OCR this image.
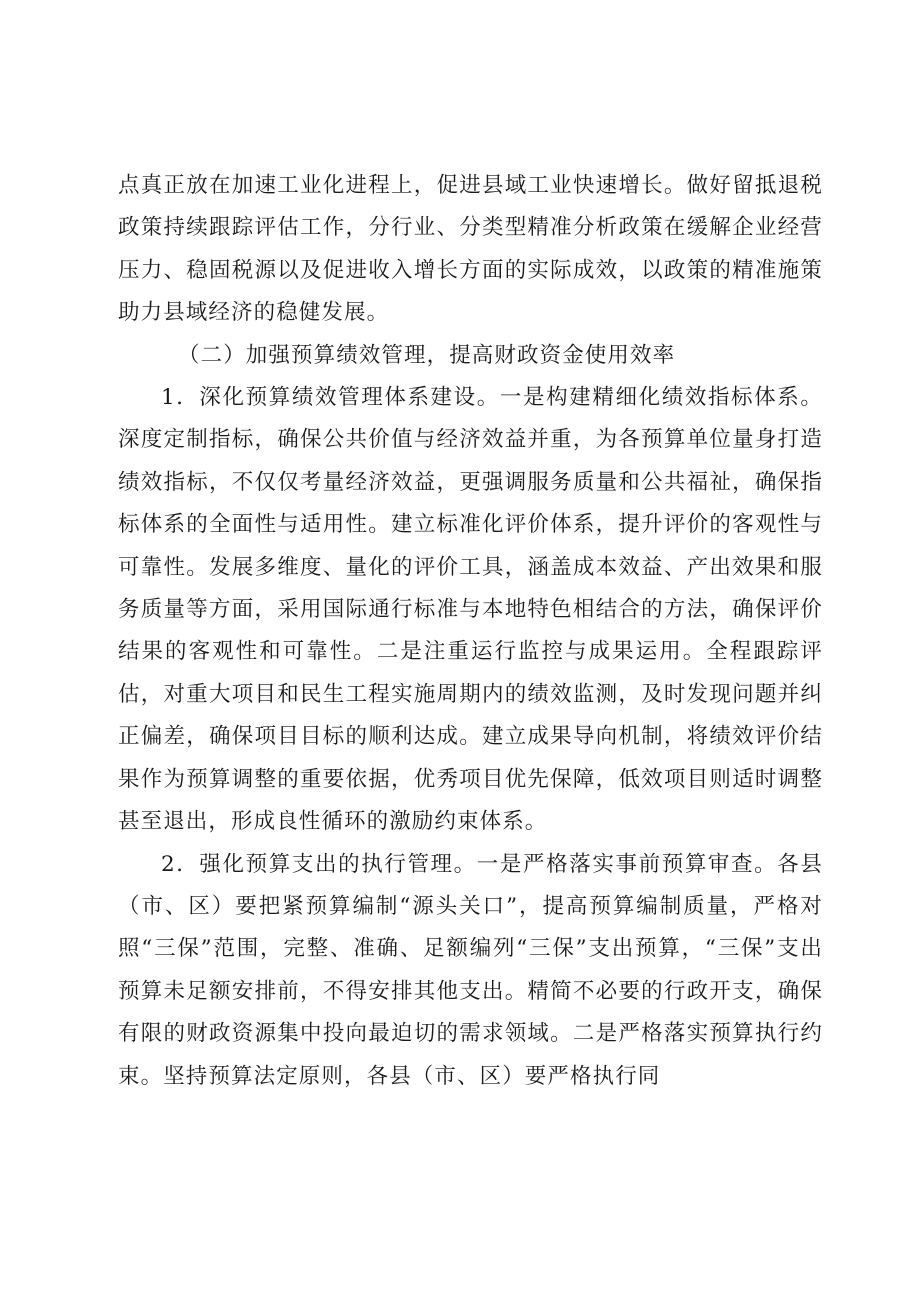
点真正放在加速工业化进程上，促进县域工业快速增长。做好留抵退税政策持续跟踪评估工作，分行业、分类型精准分析政策在缓解企业经营压力、稳固税源以及促进收入增长方面的实际成效，以政策的精准施策助力县域经济的稳健发展。

（二）加强预算绩效管理，提高财政资金使用效率

1．深化预算绩效管理体系建设。一是构建精细化绩效指标体系。深度定制指标，确保公共价值与经济效益并重，为各预算单位量身打造绩效指标，不仅仅考量经济效益，更强调服务质量和公共福祉，确保指标体系的全面性与适用性。建立标准化评价体系，提升评价的客观性与可靠性。发展多维度、量化的评价工具，涵盖成本效益、产出效果和服务质量等方面，采用国际通行标准与本地特色相结合的方法，确保评价结果的客观性和可靠性。二是注重运行监控与成果运用。全程跟踪评估，对重大项目和民生工程实施周期内的绩效监测，及时发现问题并纠正偏差，确保项目目标的顺利达成。建立成果导向机制，将绩效评价结果作为预算调整的重要依据，优秀项目优先保障，低效项目则适时调整甚至退出，形成良性循环的激励约束体系。

2．强化预算支出的执行管理。一是严格落实事前预算审查。各县（市、区）要把紧预算编制“源头关口”，提高预算编制质量，严格对照“三保”范围，完整、准确、足额编列“三保”支出预算，“三保”支出预算未足额安排前，不得安排其他支出。精简不必要的行政开支，确保有限的财政资源集中投向最迫切的需求领域。二是严格落实预算执行约束。坚持预算法定原则，各县（市、区）要严格执行同
